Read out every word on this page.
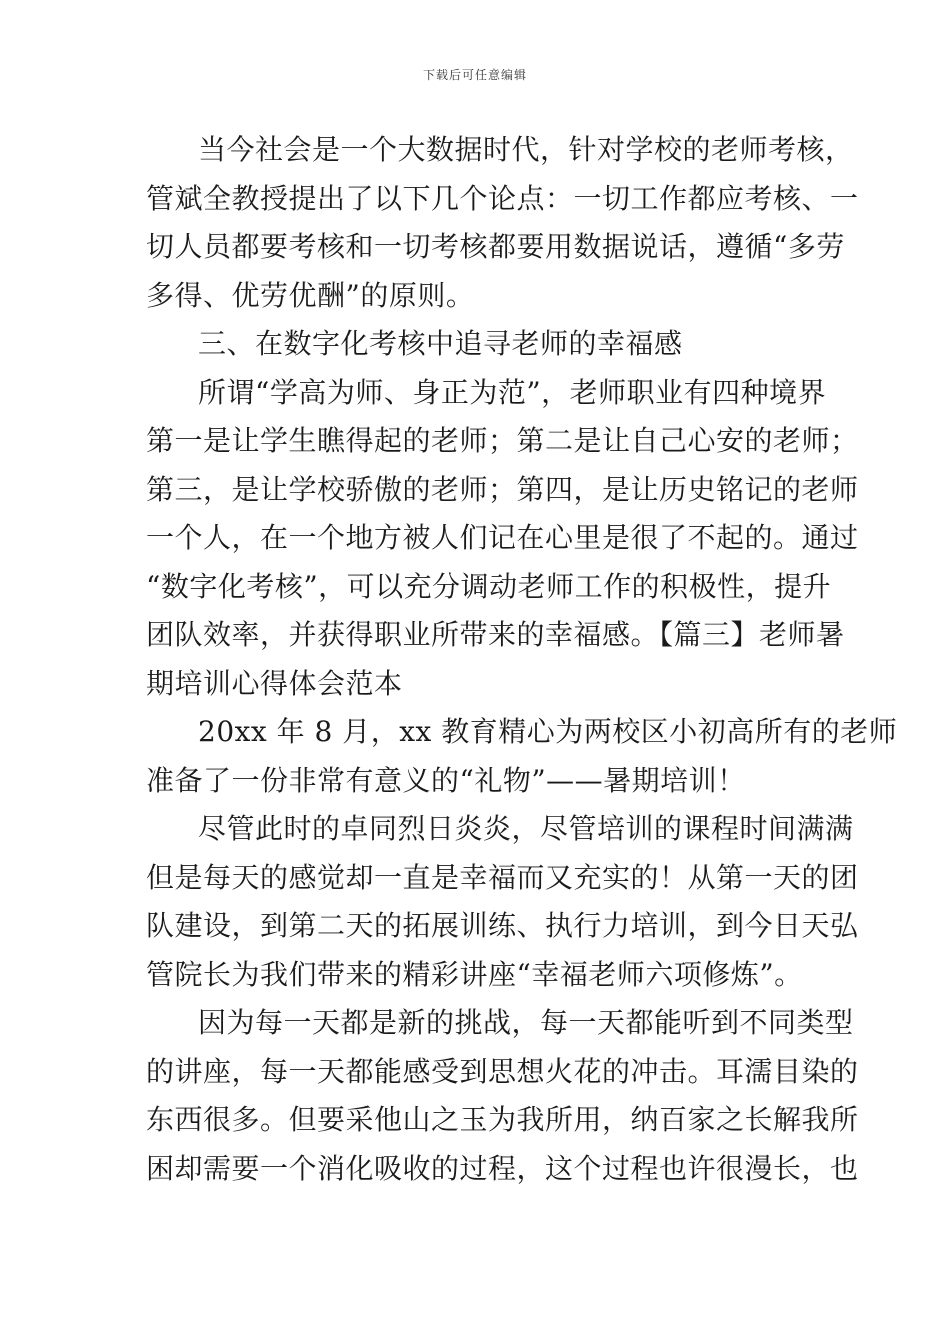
下载后可任意编辑
当今社会是一个大数据时代，针对学校的老师考核，
管斌全教授提出了以下几个论点：一切工作都应考核、一
切人员都要考核和一切考核都要用数据说话，遵循“多劳
多得、优劳优酬”的原则。
三、在数字化考核中追寻老师的幸福感
所谓“学高为师、身正为范”，老师职业有四种境界
第一是让学生瞧得起的老师；第二是让自己心安的老师；
第三，是让学校骄傲的老师；第四，是让历史铭记的老师
一个人，在一个地方被人们记在心里是很了不起的。通过
“数字化考核”，可以充分调动老师工作的积极性，提升
团队效率，并获得职业所带来的幸福感。【篇三】老师暑
期培训心得体会范本
20xx 年 8 月，xx 教育精心为两校区小初高所有的老师
准备了一份非常有意义的“礼物”——暑期培训！
尽管此时的卓同烈日炎炎，尽管培训的课程时间满满
但是每天的感觉却一直是幸福而又充实的！从第一天的团
队建设，到第二天的拓展训练、执行力培训，到今日天弘
管院长为我们带来的精彩讲座“幸福老师六项修炼”。
因为每一天都是新的挑战，每一天都能听到不同类型
的讲座，每一天都能感受到思想火花的冲击。耳濡目染的
东西很多。但要采他山之玉为我所用，纳百家之长解我所
困却需要一个消化吸收的过程，这个过程也许很漫长，也
